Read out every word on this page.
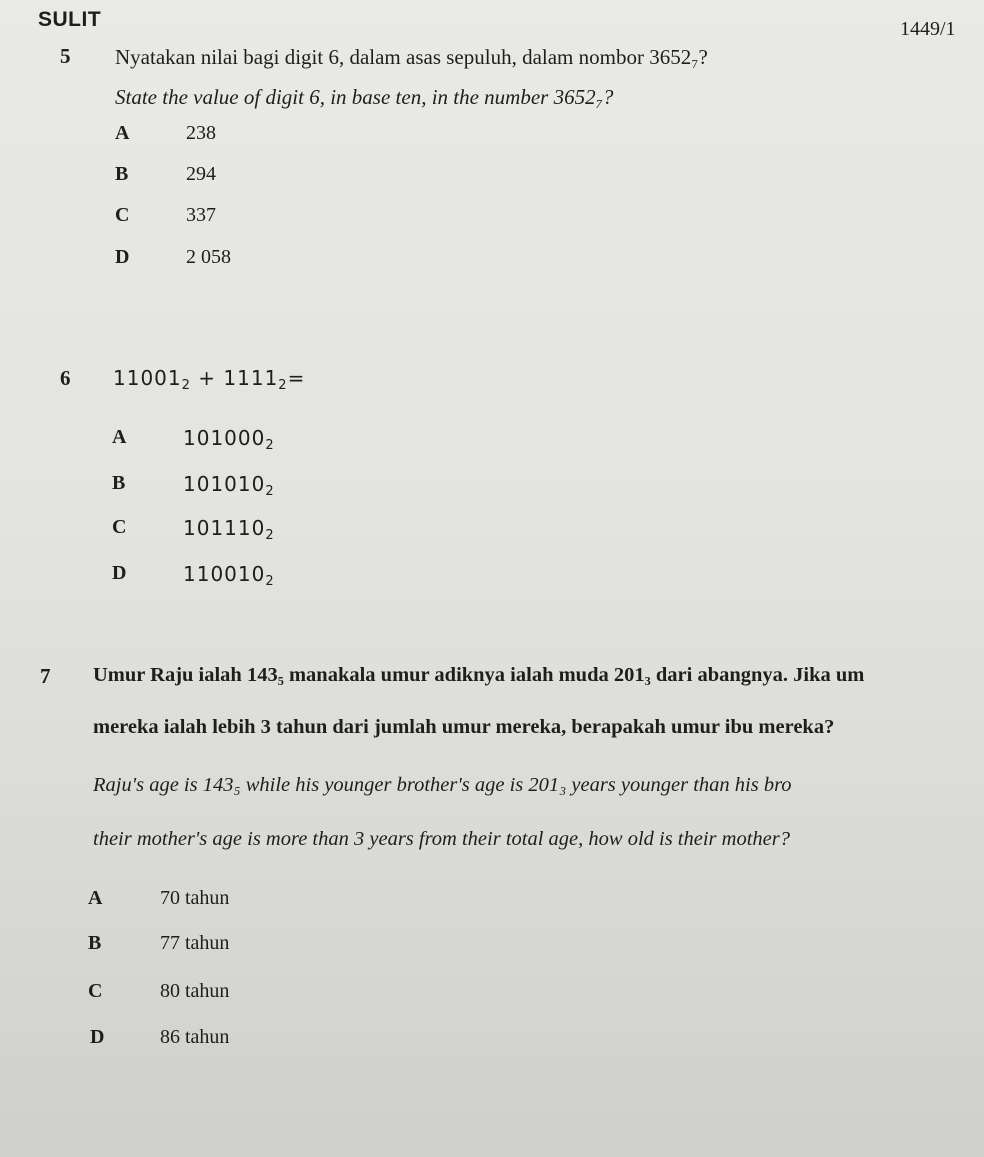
SULIT	1449/1
5 Nyatakan nilai bagi digit 6, dalam asas sepuluh, dalam nombor 3652₇?
State the value of digit 6, in base ten, in the number 3652₇?
A	238
B	294
C	337
D	2 058
6 $11001_2 + 1111_2=$
A	$101000_2$
B	$101010_2$
C	$101110_2$
D	$110010_2$
7 Umur Raju ialah 143₅ manakala umur adiknya ialah muda 201₃ dari abangnya. Jika um
mereka ialah lebih 3 tahun dari jumlah umur mereka, berapakah umur ibu mereka?
Raju's age is 143₅ while his younger brother's age is 201₃ years younger than his bro
their mother's age is more than 3 years from their total age, how old is their mother?
A	70 tahun
B	77 tahun
C	80 tahun
D	86 tahun
